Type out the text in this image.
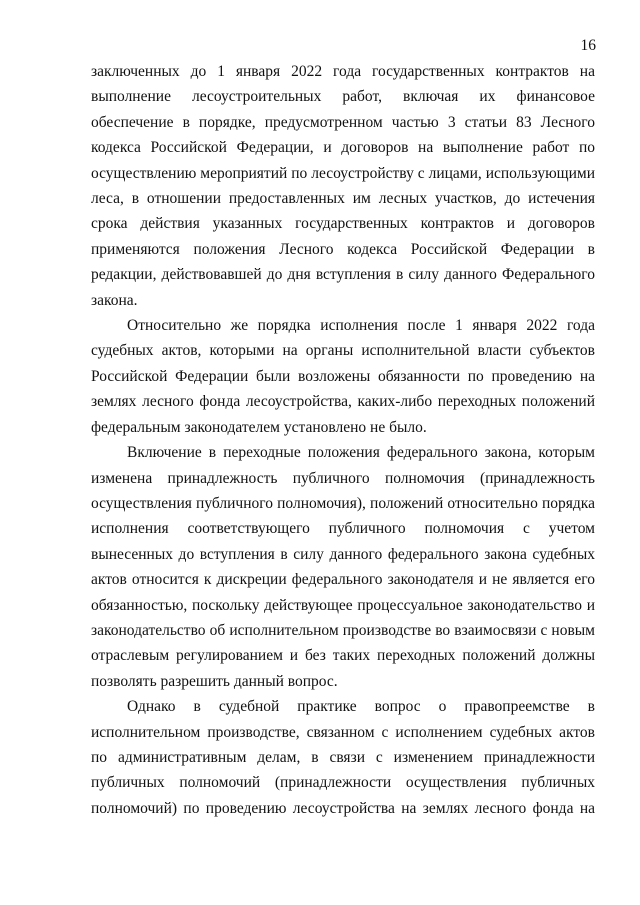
16

заключенных до 1 января 2022 года государственных контрактов на выполнение лесоустроительных работ, включая их финансовое обеспечение в порядке, предусмотренном частью 3 статьи 83 Лесного кодекса Российской Федерации, и договоров на выполнение работ по осуществлению мероприятий по лесоустройству с лицами, использующими леса, в отношении предоставленных им лесных участков, до истечения срока действия указанных государственных контрактов и договоров применяются положения Лесного кодекса Российской Федерации в редакции, действовавшей до дня вступления в силу данного Федерального закона.

Относительно же порядка исполнения после 1 января 2022 года судебных актов, которыми на органы исполнительной власти субъектов Российской Федерации были возложены обязанности по проведению на землях лесного фонда лесоустройства, каких-либо переходных положений федеральным законодателем установлено не было.

Включение в переходные положения федерального закона, которым изменена принадлежность публичного полномочия (принадлежность осуществления публичного полномочия), положений относительно порядка исполнения соответствующего публичного полномочия с учетом вынесенных до вступления в силу данного федерального закона судебных актов относится к дискреции федерального законодателя и не является его обязанностью, поскольку действующее процессуальное законодательство и законодательство об исполнительном производстве во взаимосвязи с новым отраслевым регулированием и без таких переходных положений должны позволять разрешить данный вопрос.

Однако в судебной практике вопрос о правопреемстве в исполнительном производстве, связанном с исполнением судебных актов по административным делам, в связи с изменением принадлежности публичных полномочий (принадлежности осуществления публичных полномочий) по проведению лесоустройства на землях лесного фонда на
